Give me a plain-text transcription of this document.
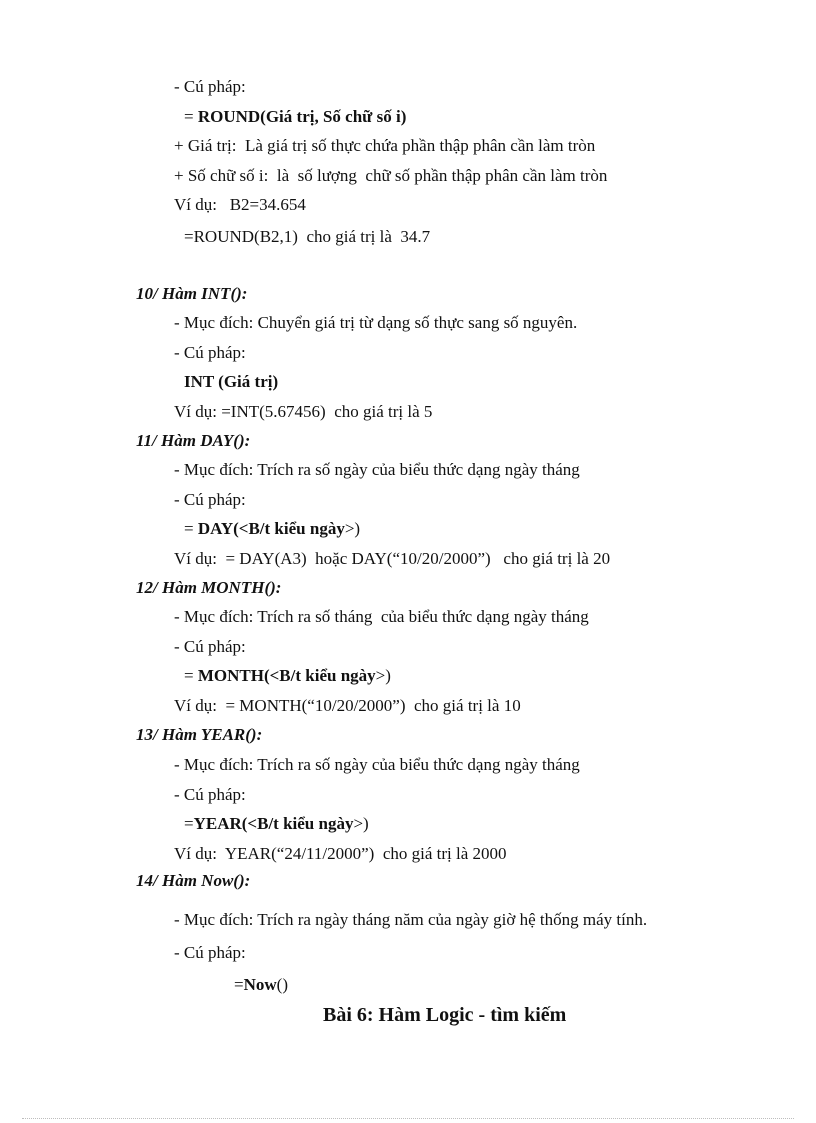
- Cú pháp:
= ROUND(Giá trị, Số chữ số i)
+ Giá trị:  Là giá trị số thực chứa phần thập phân cần làm tròn
+ Số chữ số i:  là  số lượng  chữ số phần thập phân cần làm tròn
Ví dụ:   B2=34.654
=ROUND(B2,1)  cho giá trị là  34.7
10/ Hàm INT():
- Mục đích: Chuyển giá trị từ dạng số thực sang số nguyên.
- Cú pháp:
INT (Giá trị)
Ví dụ: =INT(5.67456)  cho giá trị là 5
11/ Hàm DAY():
- Mục đích: Trích ra số ngày của biểu thức dạng ngày tháng
- Cú pháp:
= DAY(<B/t kiểu ngày>)
Ví dụ:  = DAY(A3)  hoặc DAY(“10/20/2000”)   cho giá trị là 20
12/ Hàm MONTH():
- Mục đích: Trích ra số tháng  của biểu thức dạng ngày tháng
- Cú pháp:
= MONTH(<B/t kiểu ngày>)
Ví dụ:  = MONTH(“10/20/2000”)  cho giá trị là 10
13/ Hàm YEAR():
- Mục đích: Trích ra số ngày của biểu thức dạng ngày tháng
- Cú pháp:
=YEAR(<B/t kiểu ngày>)
Ví dụ:  YEAR(“24/11/2000”)  cho giá trị là 2000
14/ Hàm Now():
- Mục đích: Trích ra ngày tháng năm của ngày giờ hệ thống máy tính.
- Cú pháp:
=Now()
Bài 6: Hàm Logic - tìm kiếm
